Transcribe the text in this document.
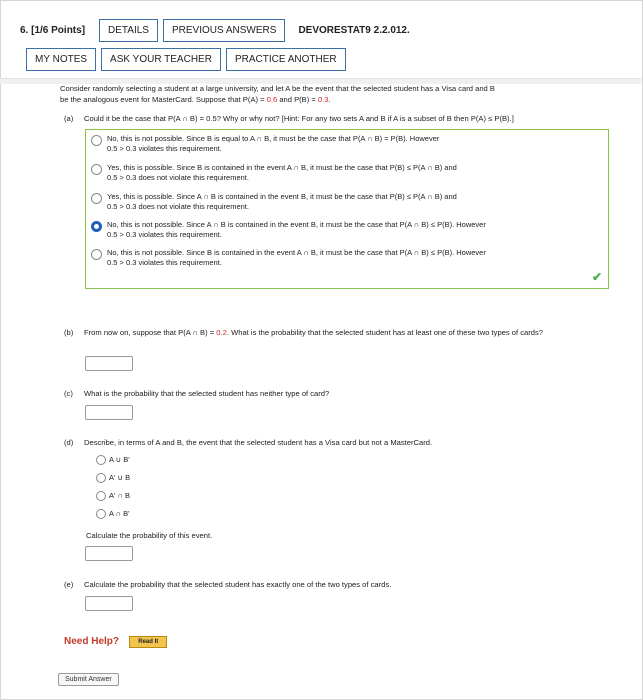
6. [1/6 Points]	DETAILS	PREVIOUS ANSWERS	DEVORESTAT9 2.2.012.
MY NOTES	ASK YOUR TEACHER	PRACTICE ANOTHER
Consider randomly selecting a student at a large university, and let A be the event that the selected student has a Visa card and B
be the analogous event for MasterCard. Suppose that P(A) = 0.6 and P(B) = 0.3.
(a) Could it be the case that P(A ∩ B) = 0.5? Why or why not? [Hint: For any two sets A and B if A is a subset of B then P(A) ≤ P(B).]
No, this is not possible. Since B is equal to A ∩ B, it must be the case that P(A ∩ B) = P(B). However
0.5 > 0.3 violates this requirement.
Yes, this is possible. Since B is contained in the event A ∩ B, it must be the case that P(B) ≤ P(A ∩ B) and
0.5 > 0.3 does not violate this requirement.
Yes, this is possible. Since A ∩ B is contained in the event B, it must be the case that P(B) ≤ P(A ∩ B) and
0.5 > 0.3 does not violate this requirement.
No, this is not possible. Since A ∩ B is contained in the event B, it must be the case that P(A ∩ B) ≤ P(B). However
0.5 > 0.3 violates this requirement.
No, this is not possible. Since B is contained in the event A ∩ B, it must be the case that P(A ∩ B) ≤ P(B). However
0.5 > 0.3 violates this requirement.
✔
(b) From now on, suppose that P(A ∩ B) = 0.2. What is the probability that the selected student has at least one of these two types of cards?
(c) What is the probability that the selected student has neither type of card?
(d) Describe, in terms of A and B, the event that the selected student has a Visa card but not a MasterCard.
A ∪ B'
A' ∪ B
A' ∩ B
A ∩ B'
Calculate the probability of this event.
(e) Calculate the probability that the selected student has exactly one of the two types of cards.
Need Help?	Read It
Submit Answer
